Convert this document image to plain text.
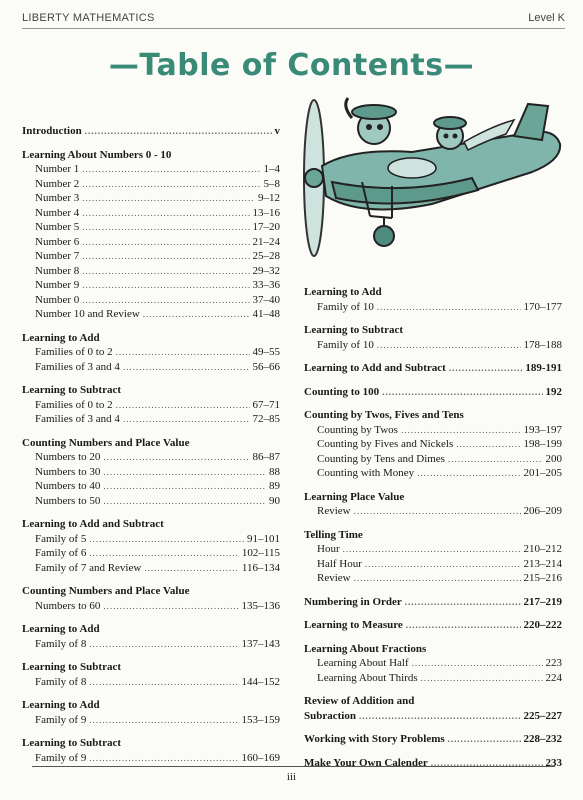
LIBERTY MATHEMATICS	Level K
—Table of Contents—
Introduction .....	v
Learning About Numbers 0 - 10
Number 1 .....	1–4
Number 2 .....	5–8
Number 3 .....	9–12
Number 4 .....	13–16
Number 5 .....	17–20
Number 6 .....	21–24
Number 7 .....	25–28
Number 8 .....	29–32
Number 9 .....	33–36
Number 0 .....	37–40
Number 10 and Review .....	41–48
Learning to Add
Families of 0 to 2 .....	49–55
Families of 3 and 4 .....	56–66
Learning to Subtract
Families of 0 to 2 .....	67–71
Families of 3 and 4 .....	72–85
Counting Numbers and Place Value
Numbers to 20 .....	86–87
Numbers to 30 .....	88
Numbers to 40 .....	89
Numbers to 50 .....	90
Learning to Add and Subtract
Family of 5 .....	91–101
Family of 6 .....	102–115
Family of 7 and Review .....	116–134
Counting Numbers and Place Value
Numbers to 60 .....	135–136
Learning to Add
Family of 8 .....	137–143
Learning to Subtract
Family of 8 .....	144–152
Learning to Add
Family of 9 .....	153–159
Learning to Subtract
Family of 9 .....	160–169
Learning to Add
Family of 10 .....	170–177
Learning to Subtract
Family of 10 .....	178–188
Learning to Add and Subtract .....	189-191
Counting to 100 .....	192
Counting by Twos, Fives and Tens
Counting by Twos .....	193–197
Counting by Fives and Nickels .....	198–199
Counting by Tens and Dimes .....	200
Counting with Money .....	201–205
Learning Place Value
Review .....	206–209
Telling Time
Hour .....	210–212
Half Hour .....	213–214
Review .....	215–216
Numbering in Order .....	217–219
Learning to Measure .....	220–222
Learning About Fractions
Learning About Half .....	223
Learning About Thirds .....	224
Review of Addition and
Subraction .....	225–227
Working with Story Problems .....	228–232
Make Your Own Calender .....	233
iii
